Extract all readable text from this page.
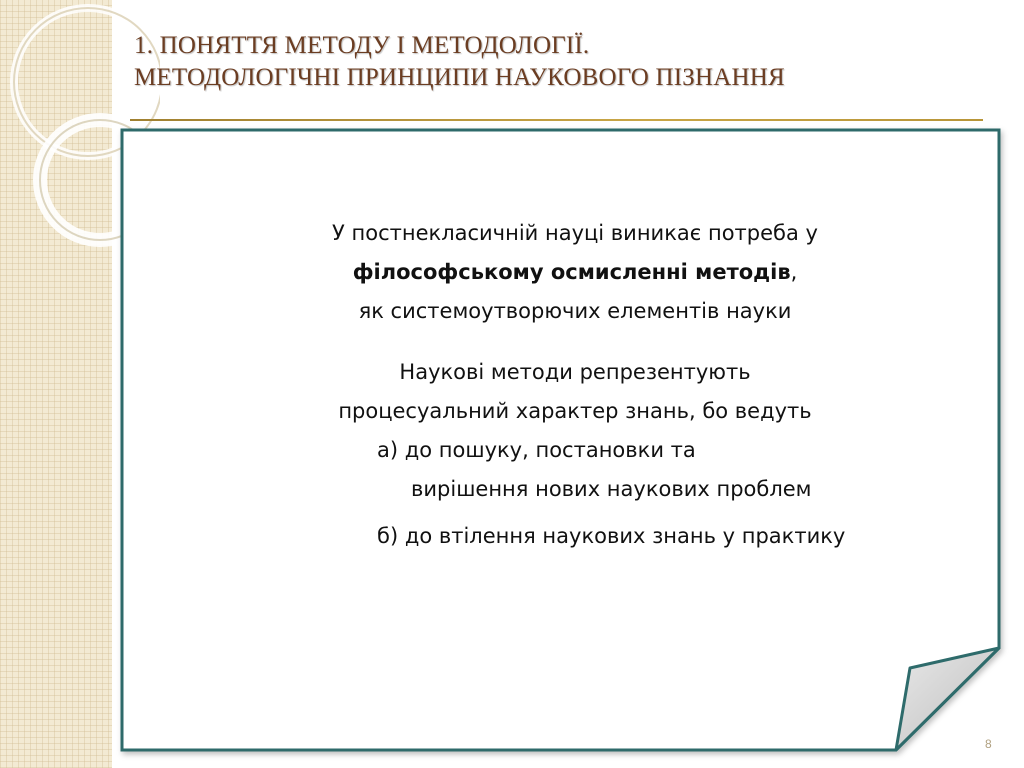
1. ПОНЯТТЯ МЕТОДУ І МЕТОДОЛОГІЇ.
МЕТОДОЛОГІЧНІ ПРИНЦИПИ НАУКОВОГО ПІЗНАННЯ
У постнекласичній науці виникає потреба у
філософському осмисленні методів,
як системоутворючих елементів науки
Наукові методи репрезентують
процесуальний характер знань, бо ведуть
а) до пошуку, постановки та
вирішення нових наукових проблем
б) до втілення наукових знань у практику
8
